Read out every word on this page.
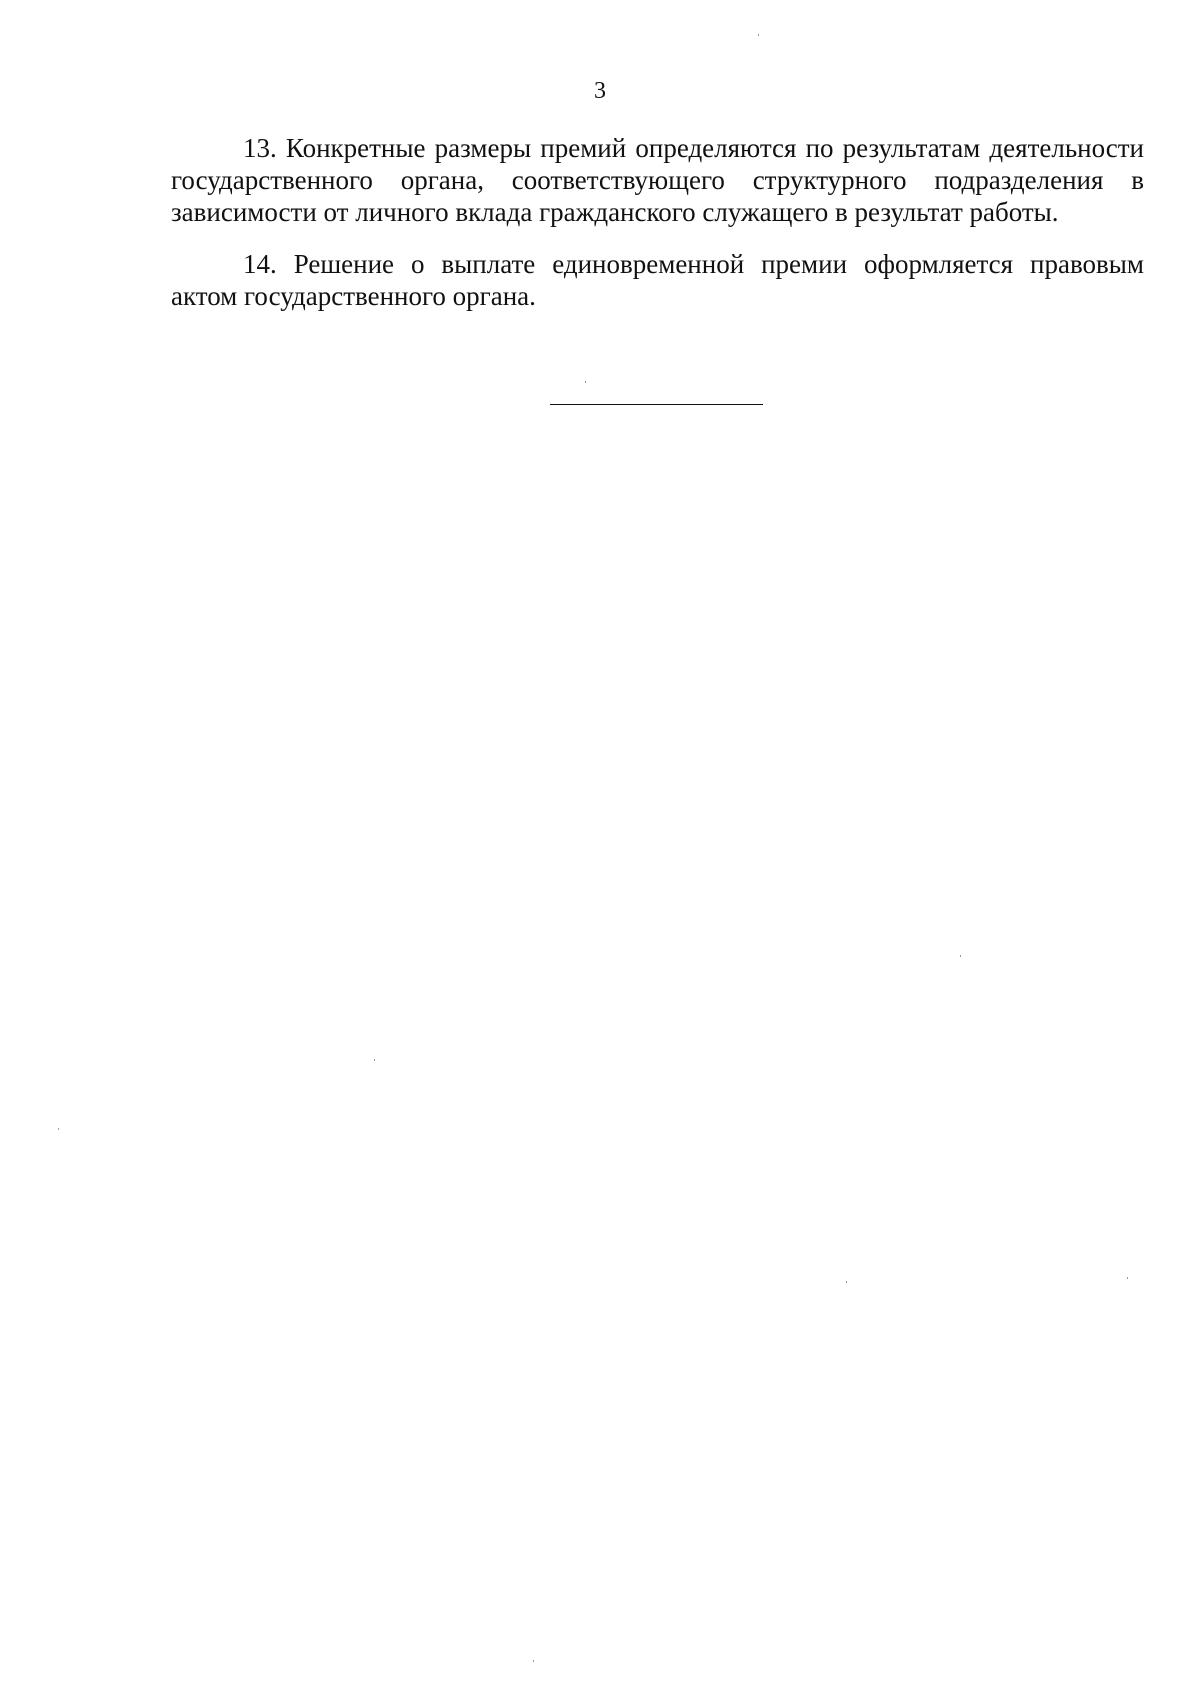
3

13. Конкретные размеры премий определяются по результатам деятельности государственного органа, соответствующего структурного подразделения в зависимости от личного вклада гражданского служащего в результат работы.

14. Решение о выплате единовременной премии оформляется правовым актом государственного органа.
